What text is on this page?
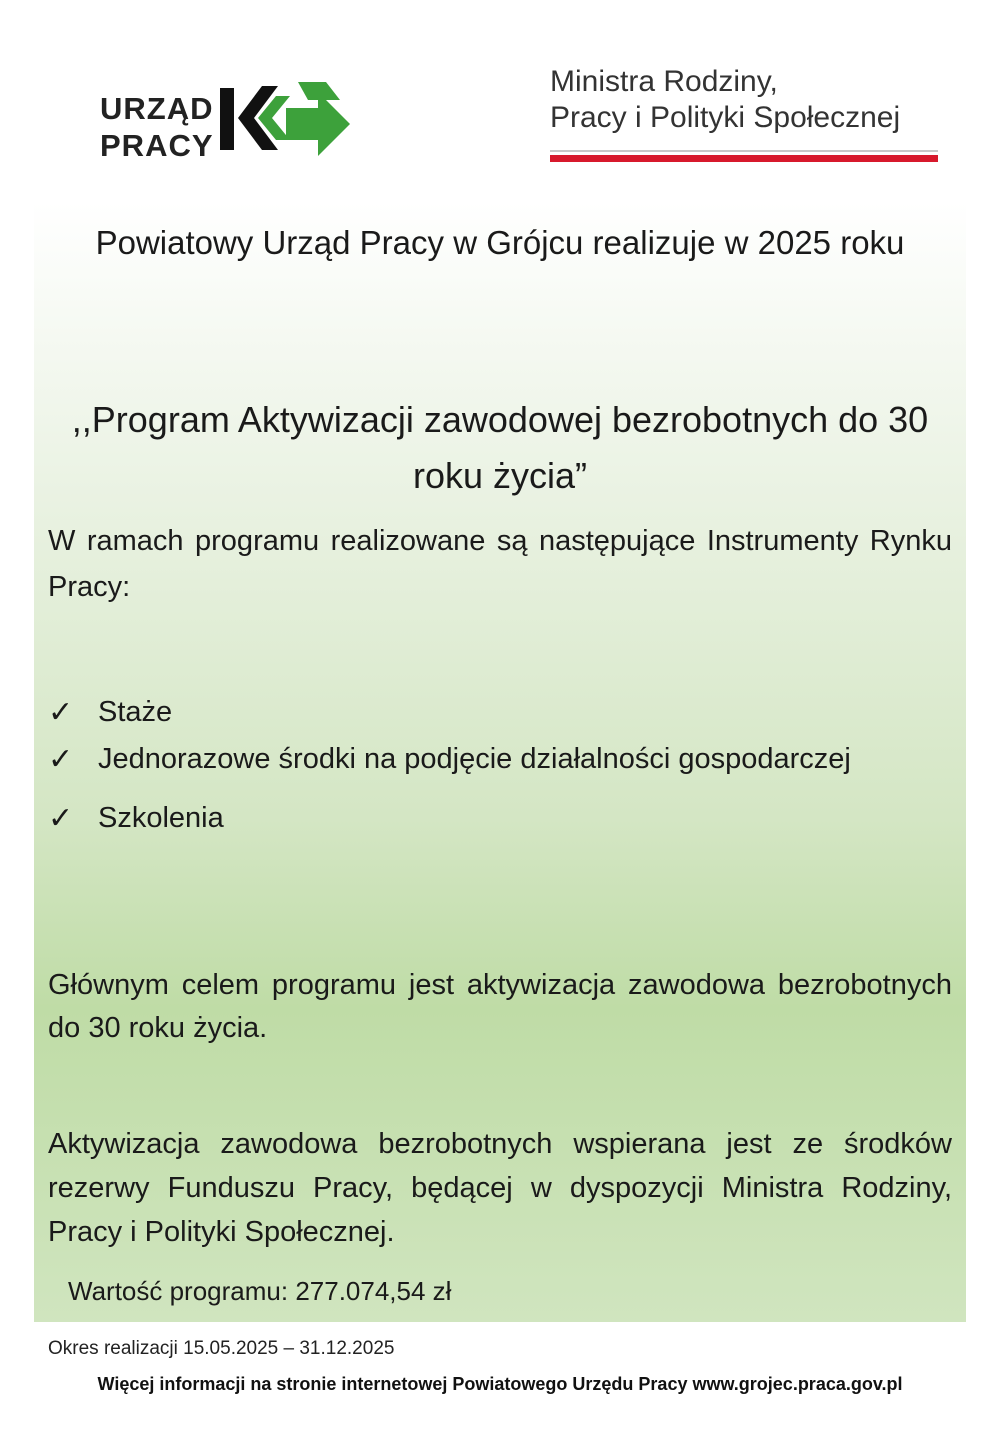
URZĄD
PRACY
Ministra Rodziny,
Pracy i Polityki Społecznej
Powiatowy Urząd Pracy w Grójcu realizuje w 2025 roku
,,Program Aktywizacji zawodowej bezrobotnych do 30 roku życia”
W ramach programu realizowane są następujące Instrumenty Rynku Pracy:
✓ Staże
✓ Jednorazowe środki na podjęcie działalności gospodarczej
✓ Szkolenia
Głównym celem programu jest aktywizacja zawodowa bezrobotnych do 30 roku życia.
Aktywizacja zawodowa bezrobotnych wspierana jest ze środków rezerwy Funduszu Pracy, będącej w dyspozycji Ministra Rodziny, Pracy i Polityki Społecznej.
Wartość programu: 277.074,54 zł
Okres realizacji 15.05.2025 – 31.12.2025
Więcej informacji na stronie internetowej Powiatowego Urzędu Pracy www.grojec.praca.gov.pl
